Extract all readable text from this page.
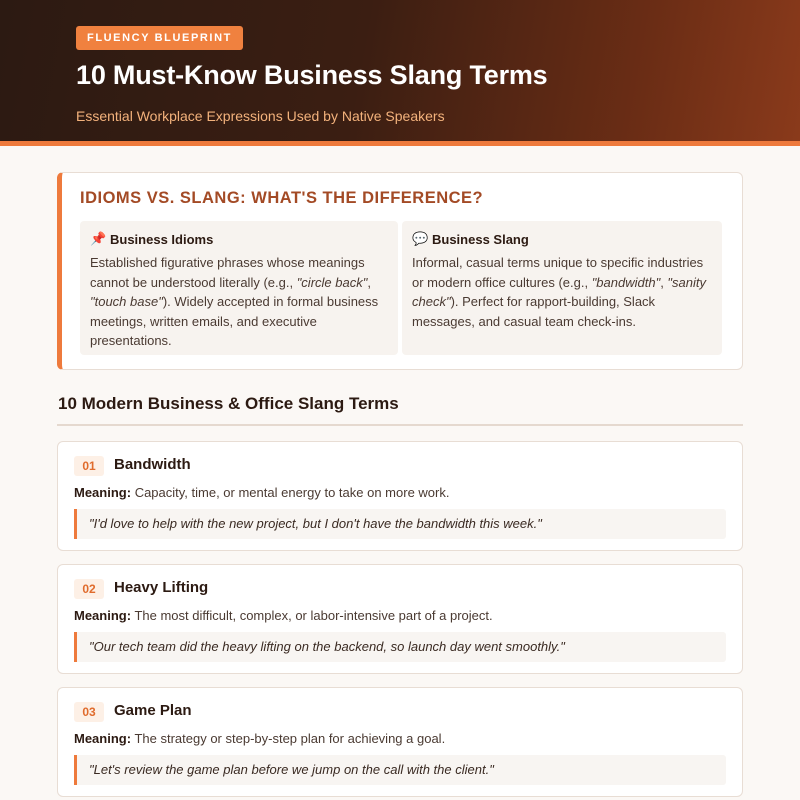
FLUENCY BLUEPRINT
10 Must-Know Business Slang Terms
Essential Workplace Expressions Used by Native Speakers
IDIOMS VS. SLANG: WHAT'S THE DIFFERENCE?
📌 Business Idioms

Established figurative phrases whose meanings cannot be understood literally (e.g., "circle back", "touch base"). Widely accepted in formal business meetings, written emails, and executive presentations.

💬 Business Slang

Informal, casual terms unique to specific industries or modern office cultures (e.g., "bandwidth", "sanity check"). Perfect for rapport-building, Slack messages, and casual team check-ins.

10 Modern Business & Office Slang Terms
01	Bandwidth

Meaning: Capacity, time, or mental energy to take on more work.

"I'd love to help with the new project, but I don't have the bandwidth this week."
02	Heavy Lifting

Meaning: The most difficult, complex, or labor-intensive part of a project.

"Our tech team did the heavy lifting on the backend, so launch day went smoothly."
03	Game Plan

Meaning: The strategy or step-by-step plan for achieving a goal.

"Let's review the game plan before we jump on the call with the client."
